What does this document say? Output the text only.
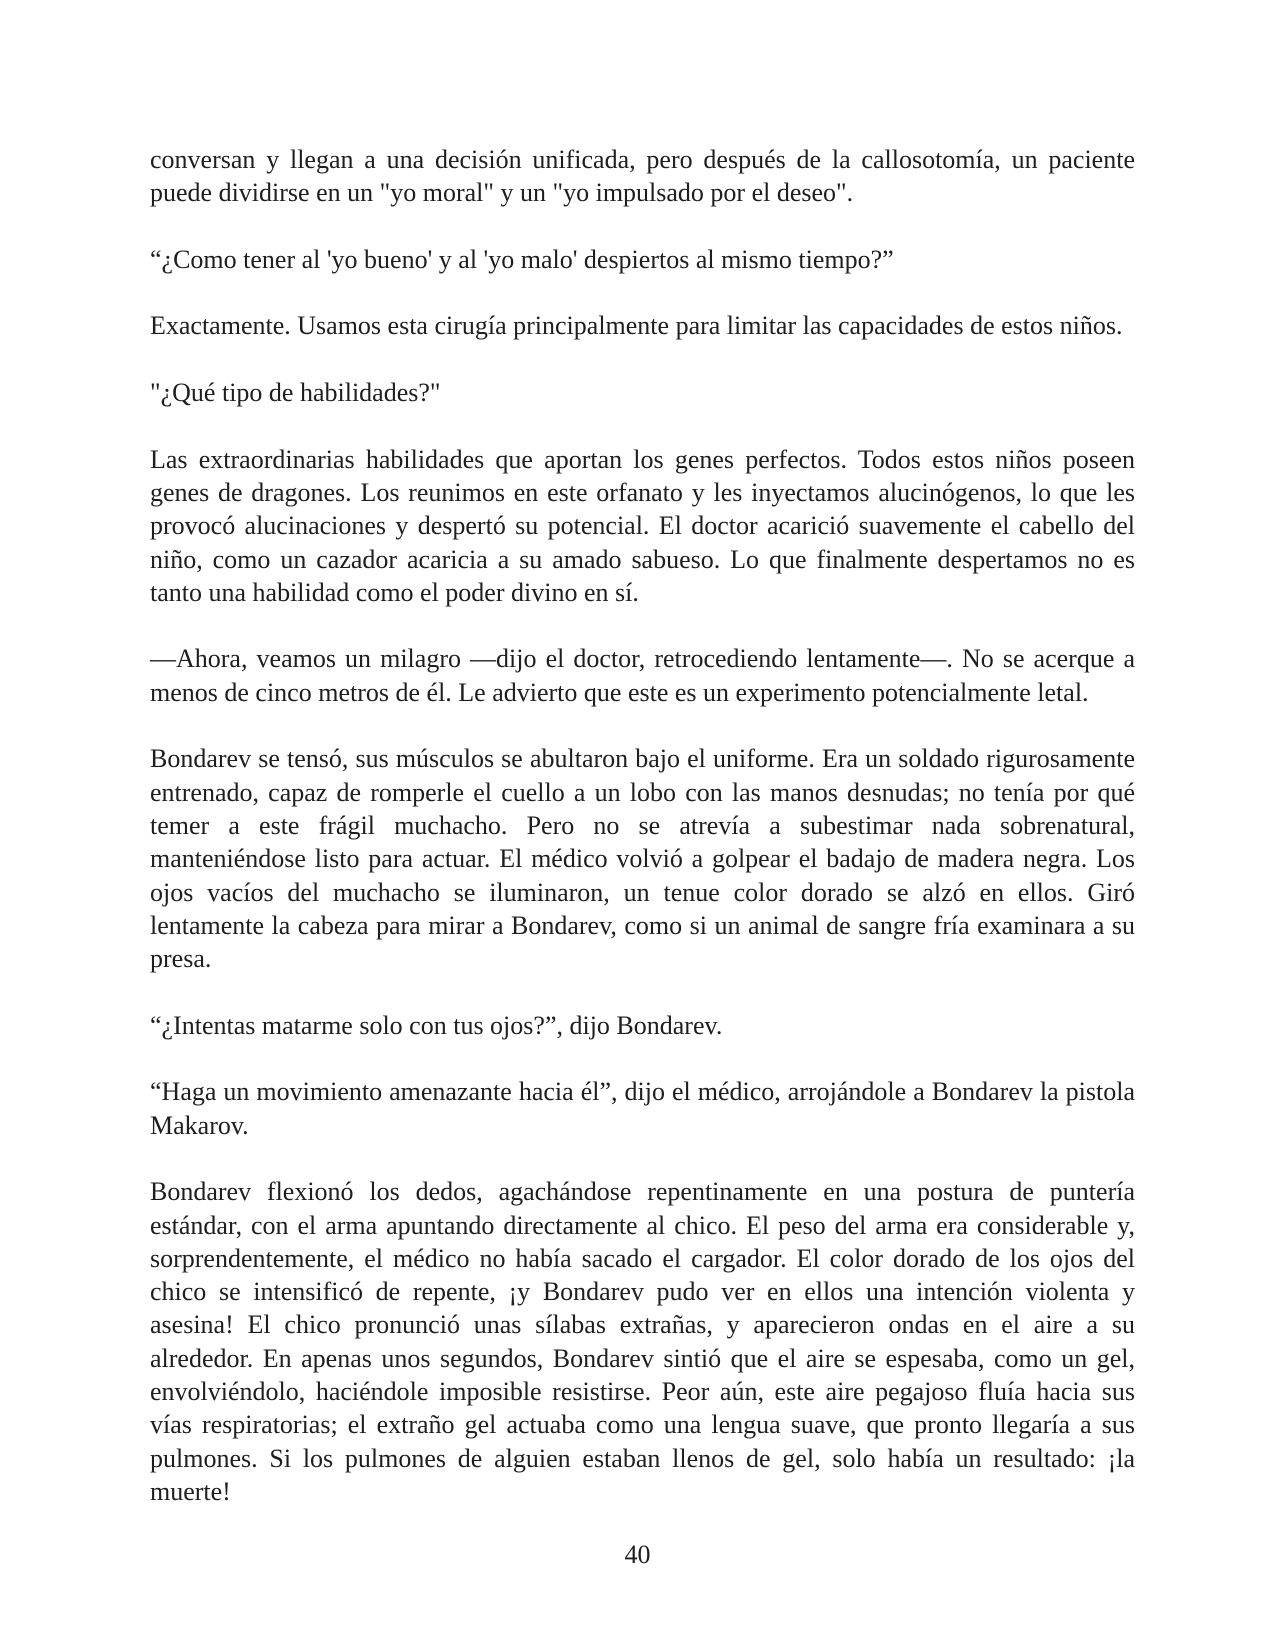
conversan y llegan a una decisión unificada, pero después de la callosotomía, un paciente puede dividirse en un "yo moral" y un "yo impulsado por el deseo".

“¿Como tener al 'yo bueno' y al 'yo malo' despiertos al mismo tiempo?”

Exactamente. Usamos esta cirugía principalmente para limitar las capacidades de estos niños.

"¿Qué tipo de habilidades?"

Las extraordinarias habilidades que aportan los genes perfectos. Todos estos niños poseen genes de dragones. Los reunimos en este orfanato y les inyectamos alucinógenos, lo que les provocó alucinaciones y despertó su potencial. El doctor acarició suavemente el cabello del niño, como un cazador acaricia a su amado sabueso. Lo que finalmente despertamos no es tanto una habilidad como el poder divino en sí.

—Ahora, veamos un milagro —dijo el doctor, retrocediendo lentamente—. No se acerque a menos de cinco metros de él. Le advierto que este es un experimento potencialmente letal.

Bondarev se tensó, sus músculos se abultaron bajo el uniforme. Era un soldado rigurosamente entrenado, capaz de romperle el cuello a un lobo con las manos desnudas; no tenía por qué temer a este frágil muchacho. Pero no se atrevía a subestimar nada sobrenatural, manteniéndose listo para actuar. El médico volvió a golpear el badajo de madera negra. Los ojos vacíos del muchacho se iluminaron, un tenue color dorado se alzó en ellos. Giró lentamente la cabeza para mirar a Bondarev, como si un animal de sangre fría examinara a su presa.

“¿Intentas matarme solo con tus ojos?”, dijo Bondarev.

“Haga un movimiento amenazante hacia él”, dijo el médico, arrojándole a Bondarev la pistola Makarov.

Bondarev flexionó los dedos, agachándose repentinamente en una postura de puntería estándar, con el arma apuntando directamente al chico. El peso del arma era considerable y, sorprendentemente, el médico no había sacado el cargador. El color dorado de los ojos del chico se intensificó de repente, ¡y Bondarev pudo ver en ellos una intención violenta y asesina! El chico pronunció unas sílabas extrañas, y aparecieron ondas en el aire a su alrededor. En apenas unos segundos, Bondarev sintió que el aire se espesaba, como un gel, envolviéndolo, haciéndole imposible resistirse. Peor aún, este aire pegajoso fluía hacia sus vías respiratorias; el extraño gel actuaba como una lengua suave, que pronto llegaría a sus pulmones. Si los pulmones de alguien estaban llenos de gel, solo había un resultado: ¡la muerte!

40
